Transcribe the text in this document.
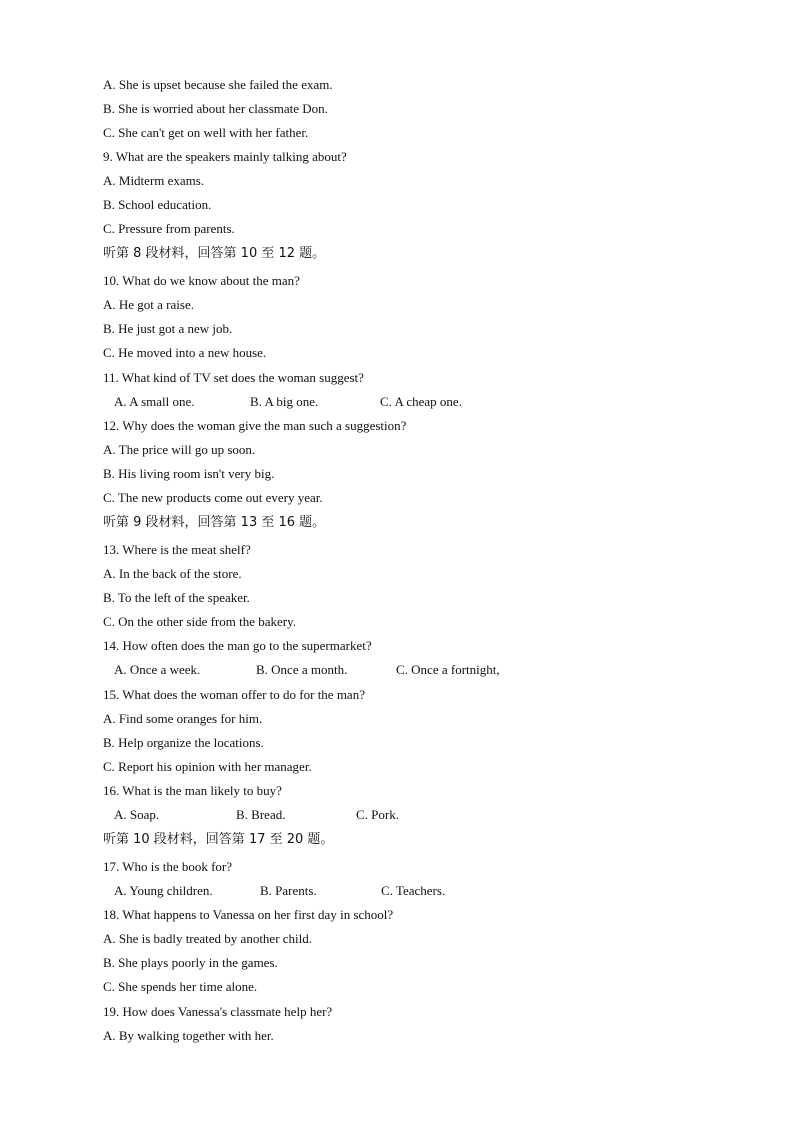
A. She is upset because she failed the exam.
B. She is worried about her classmate Don.
C. She can't get on well with her father.
9. What are the speakers mainly talking about?
A. Midterm exams.
B. School education.
C. Pressure from parents.
听第 8 段材料，回答第 10 至 12 题。
10. What do we know about the man?
A. He got a raise.
B. He just got a new job.
C. He moved into a new house.
11. What kind of TV set does the woman suggest?
A. A small one.	B. A big one.	C. A cheap one.
12. Why does the woman give the man such a suggestion?
A. The price will go up soon.
B. His living room isn't very big.
C. The new products come out every year.
听第 9 段材料，回答第 13 至 16 题。
13. Where is the meat shelf?
A. In the back of the store.
B. To the left of the speaker.
C. On the other side from the bakery.
14. How often does the man go to the supermarket?
A. Once a week.	B. Once a month.	C. Once a fortnight,
15. What does the woman offer to do for the man?
A. Find some oranges for him.
B. Help organize the locations.
C. Report his opinion with her manager.
16. What is the man likely to buy?
A. Soap.	B. Bread.	C. Pork.
听第 10 段材料，回答第 17 至 20 题。
17. Who is the book for?
A. Young children.	B. Parents.	C. Teachers.
18. What happens to Vanessa on her first day in school?
A. She is badly treated by another child.
B. She plays poorly in the games.
C. She spends her time alone.
19. How does Vanessa's classmate help her?
A. By walking together with her.
